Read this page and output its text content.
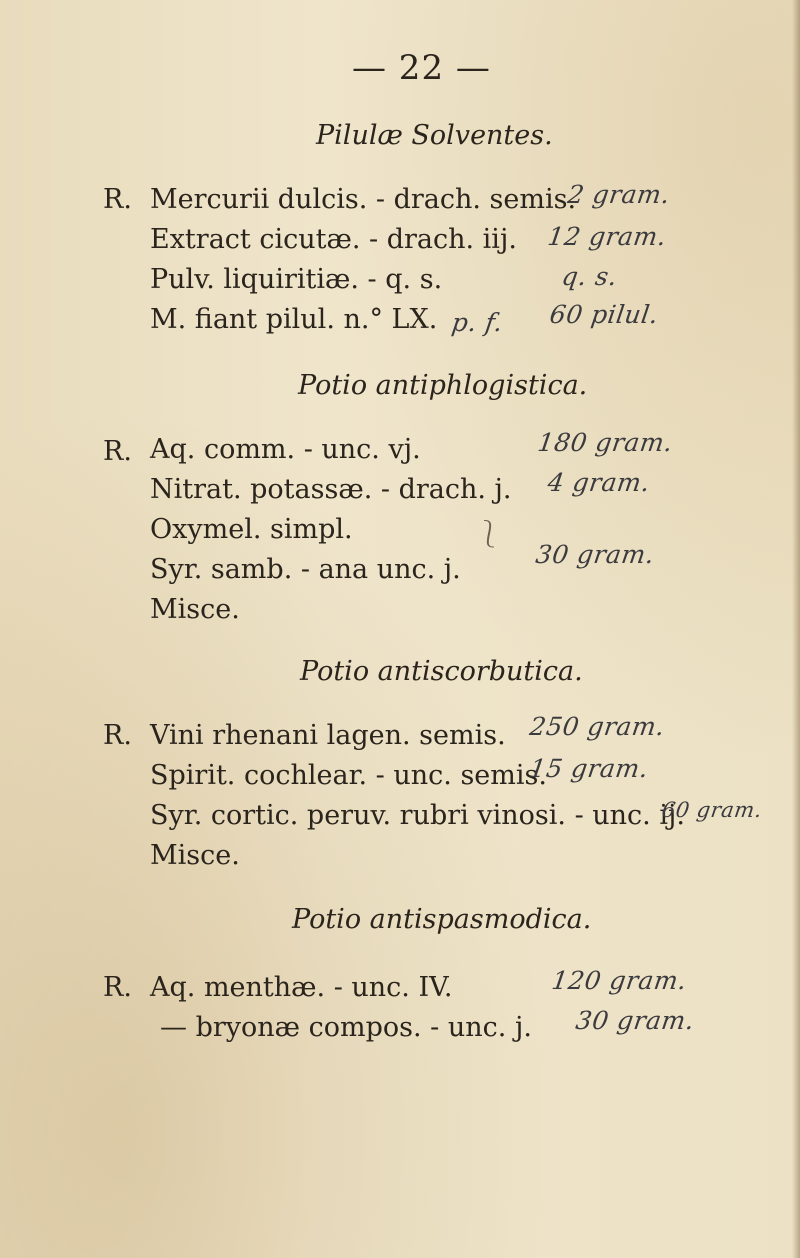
— 22 —
Pilulæ Solventes.
R. Mercurii dulcis. - drach. semis.
Extract cicutæ. - drach. iij.
Pulv. liquiritiæ. - q. s.
M. fiant pilul. n.° LX.
2 gram.
12 gram.
q. s.
p. f. 60 pilul.
Potio antiphlogistica.
R. Aq. comm. - unc. vj.
Nitrat. potassæ. - drach. j.
Oxymel. simpl.
Syr. samb. - ana unc. j.
Misce.
⎱
180 gram.
4 gram.
30 gram.
Potio antiscorbutica.
R. Vini rhenani lagen. semis.
Spirit. cochlear. - unc. semis.
Syr. cortic. peruv. rubri vinosi. - unc. ij.
Misce.
250 gram.
15 gram.
60 gram.
Potio antispasmodica.
R. Aq. menthæ. - unc. IV.
— bryonæ compos. - unc. j.
120 gram.
30 gram.
